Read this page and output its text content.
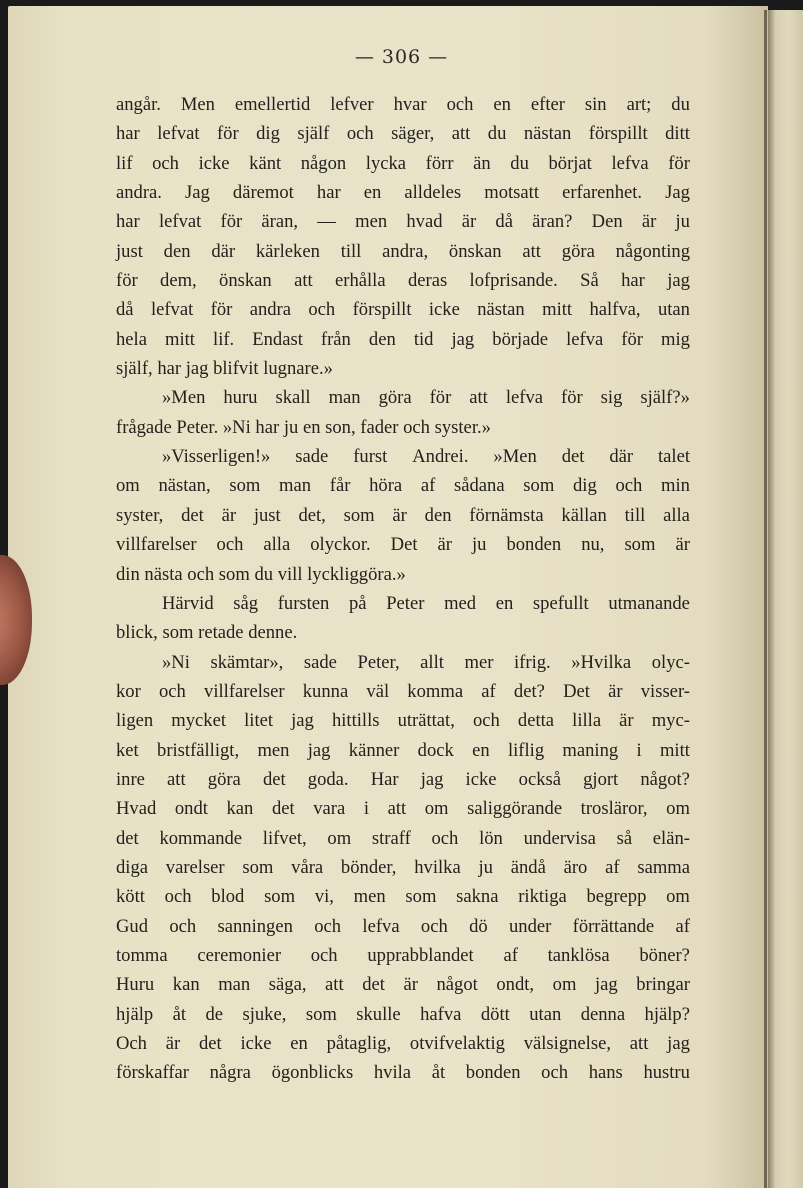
— 306 —

angår. Men emellertid lefver hvar och en efter sin art; du
har lefvat för dig själf och säger, att du nästan förspillt ditt
lif och icke känt någon lycka förr än du börjat lefva för
andra. Jag däremot har en alldeles motsatt erfarenhet. Jag
har lefvat för äran, — men hvad är då äran? Den är ju
just den där kärleken till andra, önskan att göra någonting
för dem, önskan att erhålla deras lofprisande. Så har jag
då lefvat för andra och förspillt icke nästan mitt halfva, utan
hela mitt lif. Endast från den tid jag började lefva för mig
själf, har jag blifvit lugnare.»
»Men huru skall man göra för att lefva för sig själf?»
frågade Peter. »Ni har ju en son, fader och syster.»
»Visserligen!» sade furst Andrei. »Men det där talet
om nästan, som man får höra af sådana som dig och min
syster, det är just det, som är den förnämsta källan till alla
villfarelser och alla olyckor. Det är ju bonden nu, som är
din nästa och som du vill lyckliggöra.»
Härvid såg fursten på Peter med en spefullt utmanande
blick, som retade denne.
»Ni skämtar», sade Peter, allt mer ifrig. »Hvilka olyc-
kor och villfarelser kunna väl komma af det? Det är visser-
ligen mycket litet jag hittills uträttat, och detta lilla är myc-
ket bristfälligt, men jag känner dock en liflig maning i mitt
inre att göra det goda. Har jag icke också gjort något?
Hvad ondt kan det vara i att om saliggörande trosläror, om
det kommande lifvet, om straff och lön undervisa så elän-
diga varelser som våra bönder, hvilka ju ändå äro af samma
kött och blod som vi, men som sakna riktiga begrepp om
Gud och sanningen och lefva och dö under förrättande af
tomma ceremonier och upprabblandet af tanklösa böner?
Huru kan man säga, att det är något ondt, om jag bringar
hjälp åt de sjuke, som skulle hafva dött utan denna hjälp?
Och är det icke en påtaglig, otvifvelaktig välsignelse, att jag
förskaffar några ögonblicks hvila åt bonden och hans hustru
